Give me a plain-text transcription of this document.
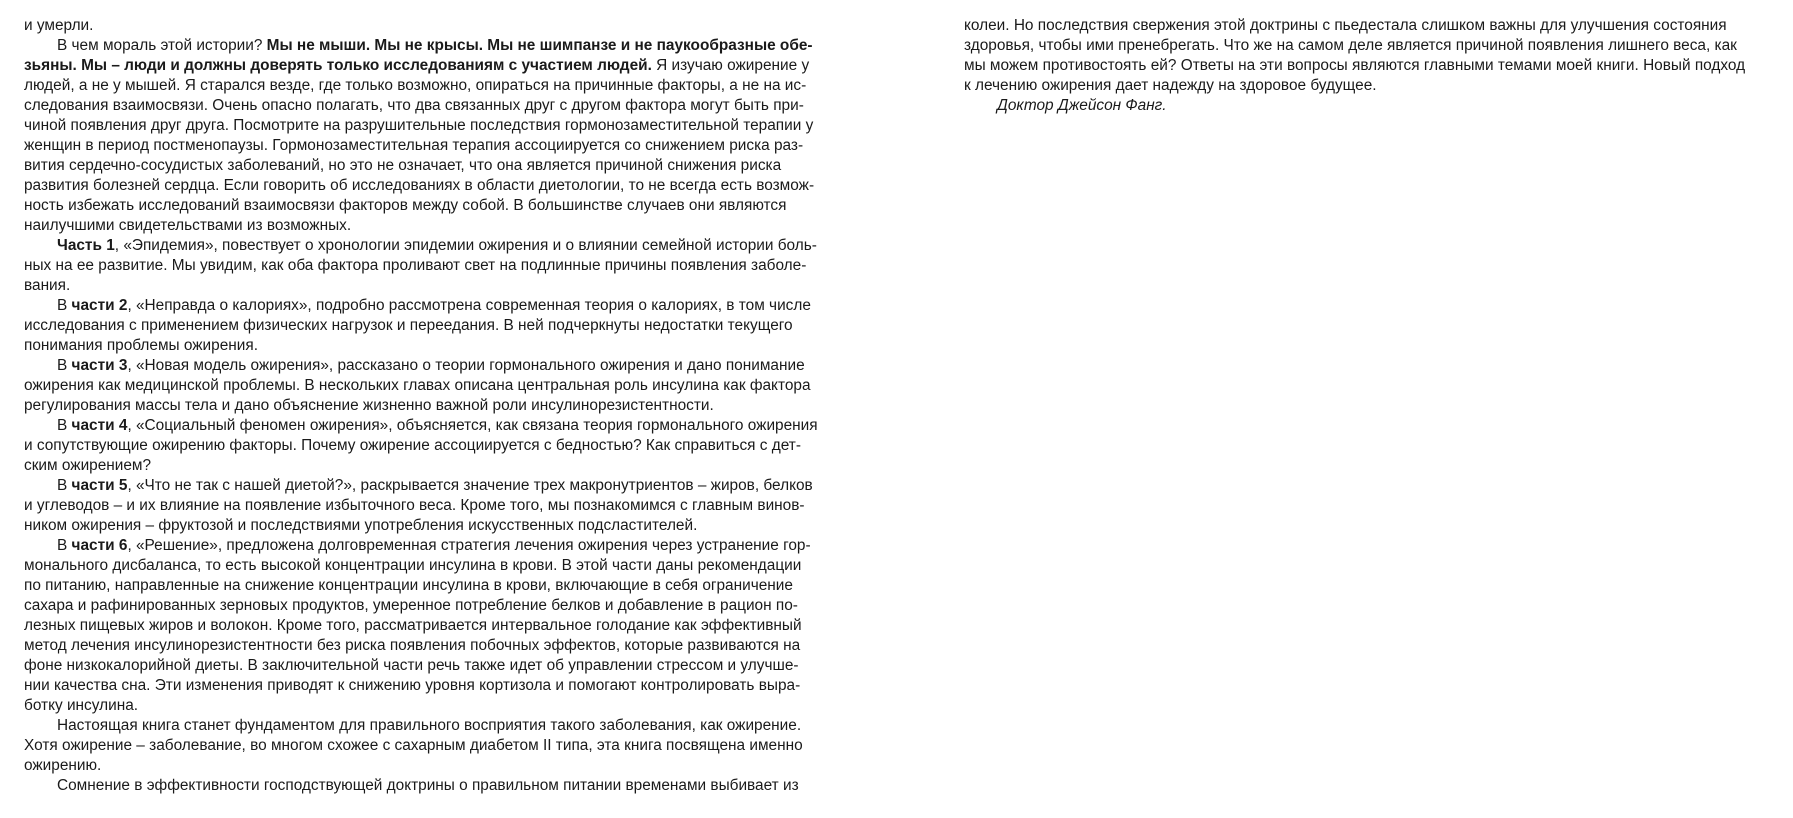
и умерли.
В чем мораль этой истории? Мы не мыши. Мы не крысы. Мы не шимпанзе и не паукообразные обе-
зьяны. Мы – люди и должны доверять только исследованиям с участием людей. Я изучаю ожирение у
людей, а не у мышей. Я старался везде, где только возможно, опираться на причинные факторы, а не на ис-
следования взаимосвязи. Очень опасно полагать, что два связанных друг с другом фактора могут быть при-
чиной появления друг друга. Посмотрите на разрушительные последствия гормонозаместительной терапии у
женщин в период постменопаузы. Гормонозаместительная терапия ассоциируется со снижением риска раз-
вития сердечно-сосудистых заболеваний, но это не означает, что она является причиной снижения риска
развития болезней сердца. Если говорить об исследованиях в области диетологии, то не всегда есть возмож-
ность избежать исследований взаимосвязи факторов между собой. В большинстве случаев они являются
наилучшими свидетельствами из возможных.
Часть 1, «Эпидемия», повествует о хронологии эпидемии ожирения и о влиянии семейной истории боль-
ных на ее развитие. Мы увидим, как оба фактора проливают свет на подлинные причины появления заболе-
вания.
В части 2, «Неправда о калориях», подробно рассмотрена современная теория о калориях, в том числе
исследования с применением физических нагрузок и переедания. В ней подчеркнуты недостатки текущего
понимания проблемы ожирения.
В части 3, «Новая модель ожирения», рассказано о теории гормонального ожирения и дано понимание
ожирения как медицинской проблемы. В нескольких главах описана центральная роль инсулина как фактора
регулирования массы тела и дано объяснение жизненно важной роли инсулинорезистентности.
В части 4, «Социальный феномен ожирения», объясняется, как связана теория гормонального ожирения
и сопутствующие ожирению факторы. Почему ожирение ассоциируется с бедностью? Как справиться с дет-
ским ожирением?
В части 5, «Что не так с нашей диетой?», раскрывается значение трех макронутриентов – жиров, белков
и углеводов – и их влияние на появление избыточного веса. Кроме того, мы познакомимся с главным винов-
ником ожирения – фруктозой и последствиями употребления искусственных подсластителей.
В части 6, «Решение», предложена долговременная стратегия лечения ожирения через устранение гор-
монального дисбаланса, то есть высокой концентрации инсулина в крови. В этой части даны рекомендации
по питанию, направленные на снижение концентрации инсулина в крови, включающие в себя ограничение
сахара и рафинированных зерновых продуктов, умеренное потребление белков и добавление в рацион по-
лезных пищевых жиров и волокон. Кроме того, рассматривается интервальное голодание как эффективный
метод лечения инсулинорезистентности без риска появления побочных эффектов, которые развиваются на
фоне низкокалорийной диеты. В заключительной части речь также идет об управлении стрессом и улучше-
нии качества сна. Эти изменения приводят к снижению уровня кортизола и помогают контролировать выра-
ботку инсулина.
Настоящая книга станет фундаментом для правильного восприятия такого заболевания, как ожирение.
Хотя ожирение – заболевание, во многом схожее с сахарным диабетом II типа, эта книга посвящена именно
ожирению.
Сомнение в эффективности господствующей доктрины о правильном питании временами выбивает из
колеи. Но последствия свержения этой доктрины с пьедестала слишком важны для улучшения состояния
здоровья, чтобы ими пренебрегать. Что же на самом деле является причиной появления лишнего веса, как
мы можем противостоять ей? Ответы на эти вопросы являются главными темами моей книги. Новый подход
к лечению ожирения дает надежду на здоровое будущее.
Доктор Джейсон Фанг.
